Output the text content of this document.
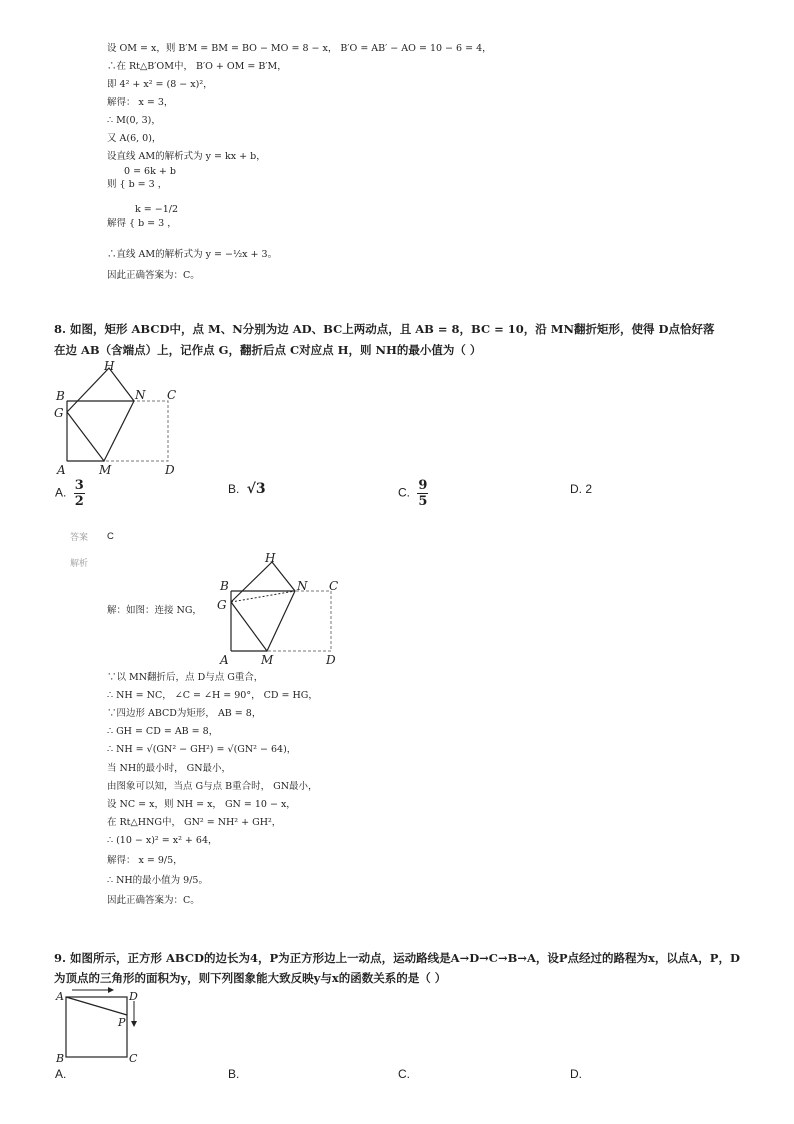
设 OM = x，则 B′M = BM = BO − MO = 8 − x， B′O = AB′ − AO = 10 − 6 = 4，
∴在 Rt△B′OM中， B′O + OM = B′M，
即 4² + x² = (8 − x)²，
解得： x = 3，
∴ M(0, 3)，
又 A(6, 0)，
设直线 AM的解析式为 y = kx + b，
0 = 6k + b
则 { b = 3 ，
k = −1/2
解得 { b = 3 ，
∴直线 AM的解析式为 y = −½x + 3。
因此正确答案为：C。
8. 如图，矩形 ABCD中，点 M、N分别为边 AD、BC上两动点，且 AB = 8，BC = 10，沿 MN翻折矩形，使得 D点恰好落
在边 AB（含端点）上，记作点 G，翻折后点 C对应点 H，则 NH的最小值为（ ）
H
B	N C
G
A	M	D
A. $\frac{3}{2}$	B. √3	C. $\frac{9}{5}$	D. 2
答案 C
解析	H
B	N C
G
A	M	D
解：如图：连接 NG，
∵以 MN翻折后，点 D与点 G重合，
∴ NH = NC， ∠C = ∠H = 90°， CD = HG，
∵四边形 ABCD为矩形， AB = 8，
∴ GH = CD = AB = 8，
∴ NH = √(GN² − GH²) = √(GN² − 64)，
当 NH的最小时， GN最小，
由图象可以知，当点 G与点 B重合时， GN最小，
设 NC = x，则 NH = x， GN = 10 − x，
在 Rt△HNG中， GN² = NH² + GH²，
∴ (10 − x)² = x² + 64，
解得： x = 9/5，
∴ NH的最小值为 9/5。
因此正确答案为：C。
9. 如图所示，正方形 ABCD的边长为4，P为正方形边上一动点，运动路线是A→D→C→B→A，设P点经过的路程为x，以点A，P，D
为顶点的三角形的面积为y，则下列图象能大致反映y与x的函数关系的是（ ）
A	D
P
B	C
A.	B.	C.	D.
